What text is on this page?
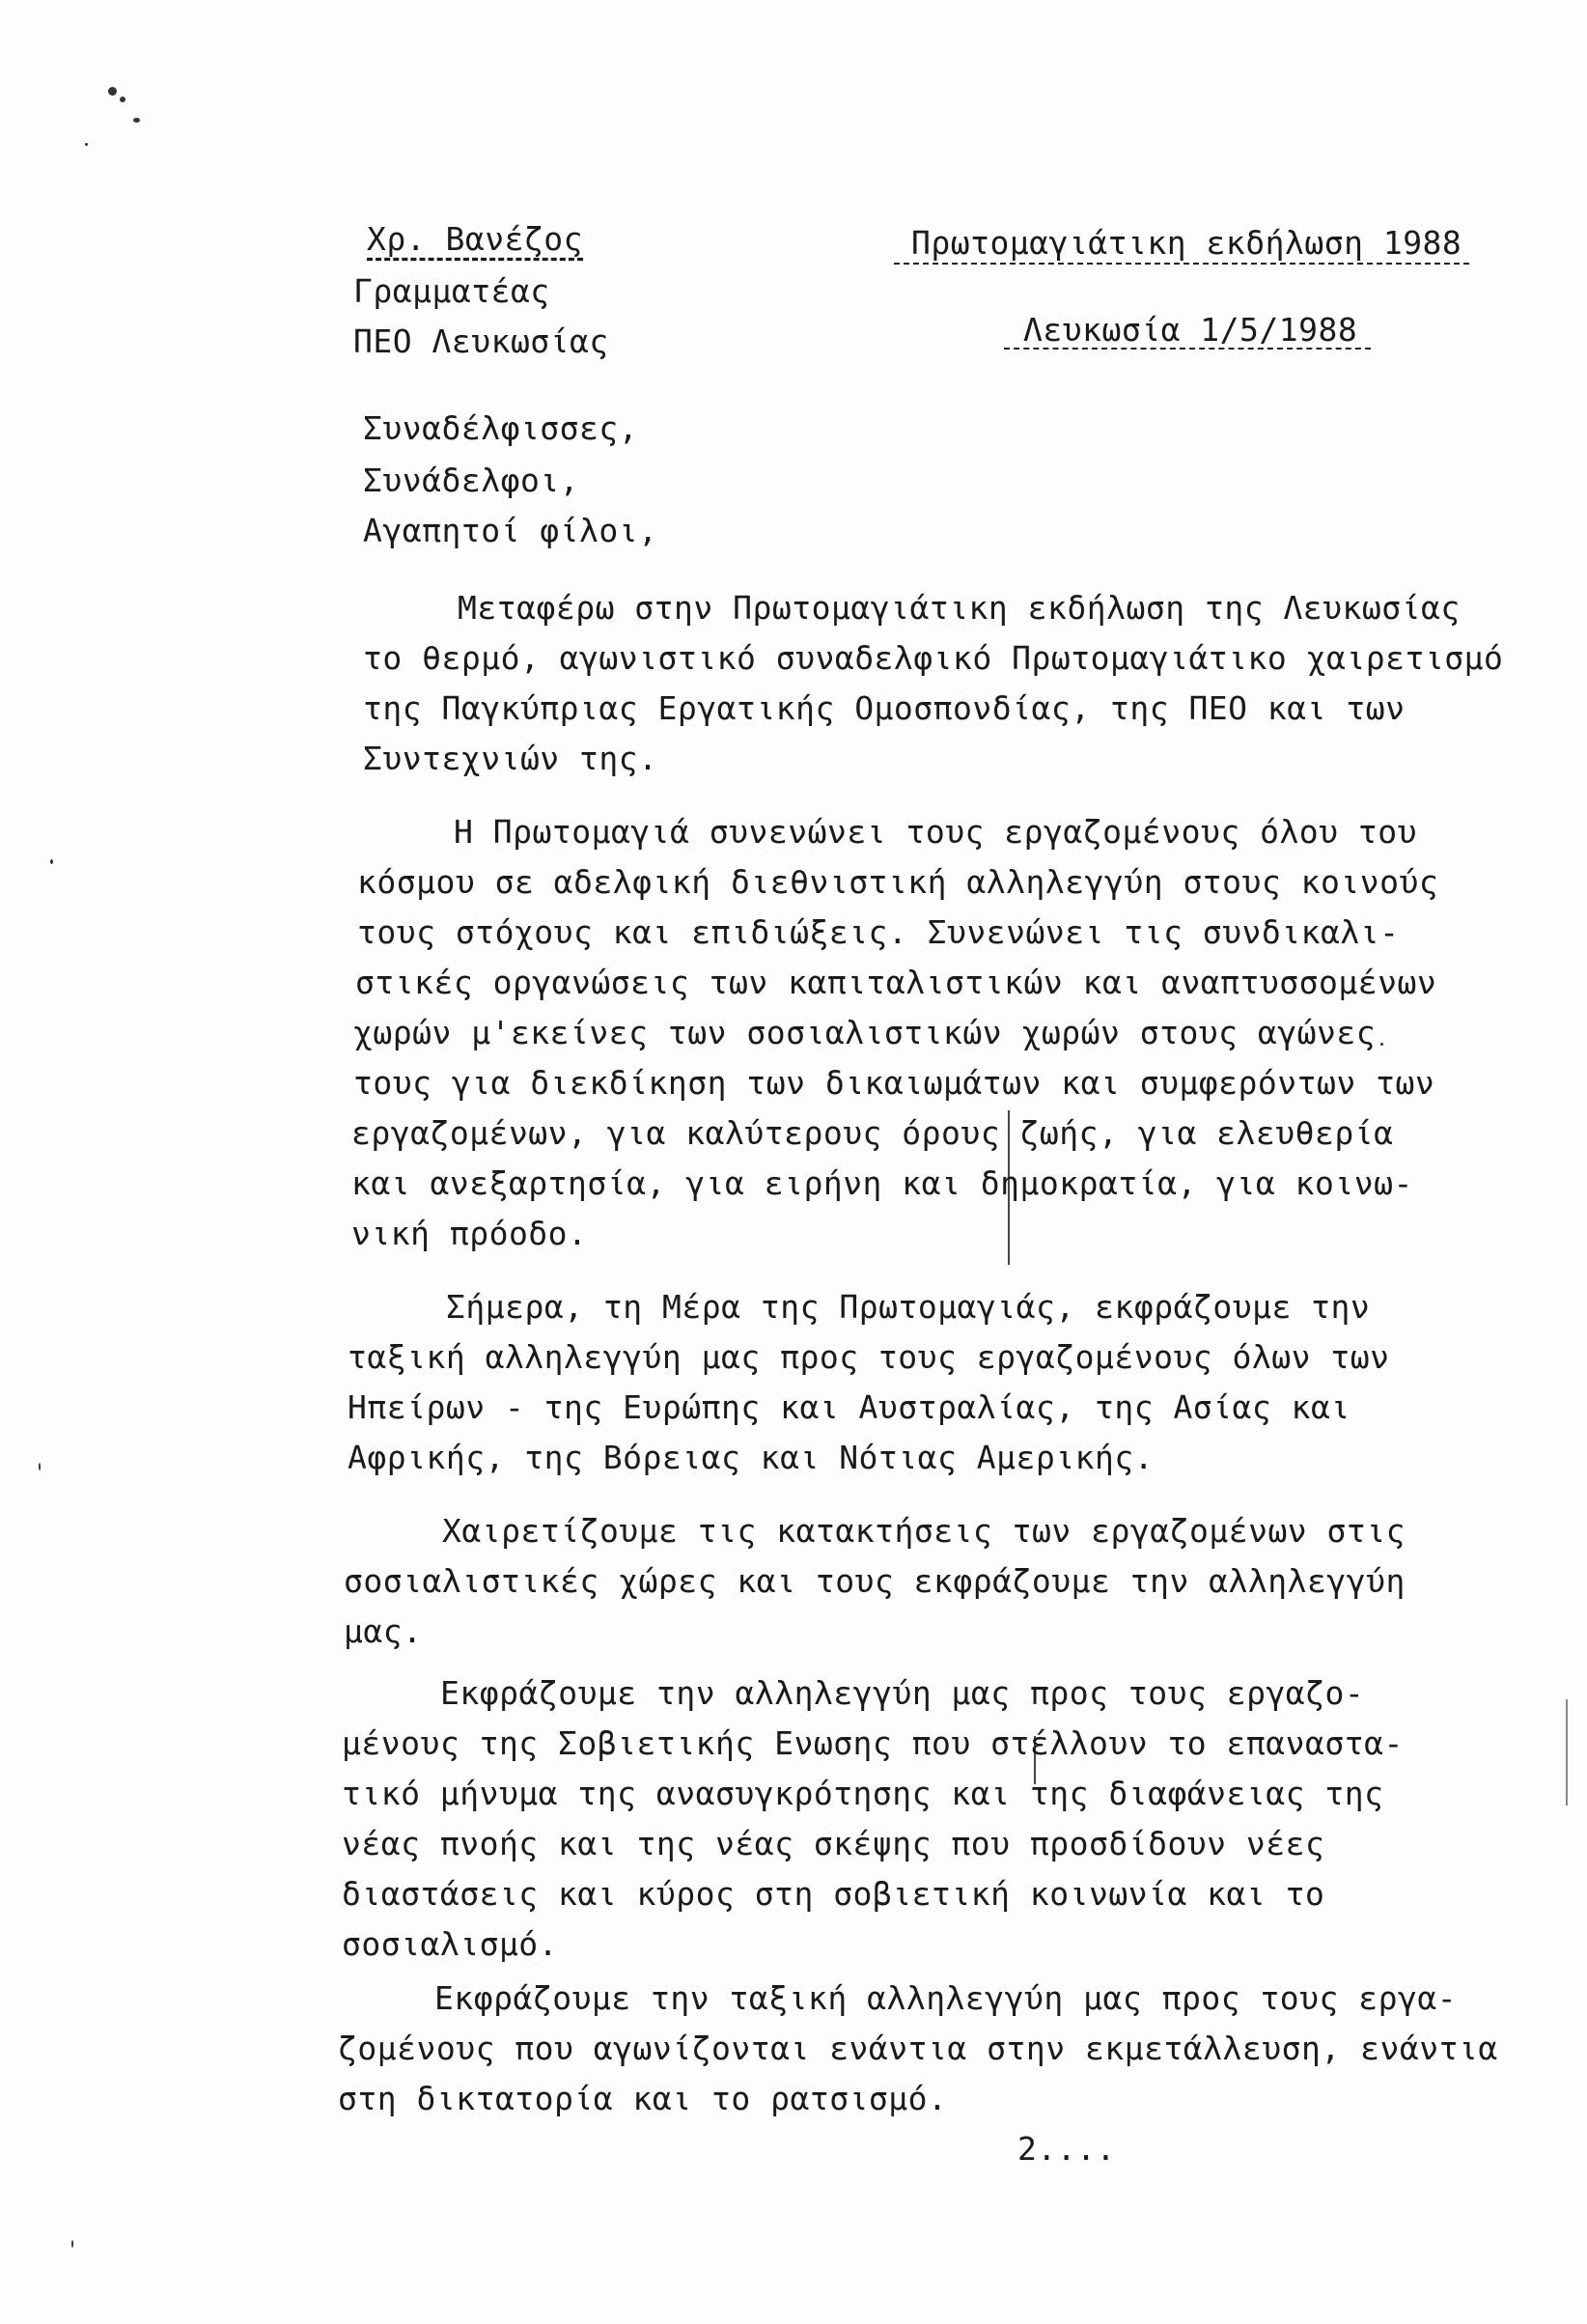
Χρ. Βανέζος
Γραμματέας
ΠΕΟ Λευκωσίας
Πρωτομαγιάτικη εκδήλωση 1988
Λευκωσία 1/5/1988
Συναδέλφισσες,
Συνάδελφοι,
Αγαπητοί φίλοι,
Μεταφέρω στην Πρωτομαγιάτικη εκδήλωση της Λευκωσίας
το θερμό, αγωνιστικό συναδελφικό Πρωτομαγιάτικο χαιρετισμό
της Παγκύπριας Εργατικής Ομοσπονδίας, της ΠΕΟ και των
Συντεχνιών της.
Η Πρωτομαγιά συνενώνει τους εργαζομένους όλου του
κόσμου σε αδελφική διεθνιστική αλληλεγγύη στους κοινούς
τους στόχους και επιδιώξεις. Συνενώνει τις συνδικαλι-
στικές οργανώσεις των καπιταλιστικών και αναπτυσσομένων
χωρών μ'εκείνες των σοσιαλιστικών χωρών στους αγώνες
τους για διεκδίκηση των δικαιωμάτων και συμφερόντων των
εργαζομένων, για καλύτερους όρους ζωής, για ελευθερία
και ανεξαρτησία, για ειρήνη και δημοκρατία, για κοινω-
νική πρόοδο.
Σήμερα, τη Μέρα της Πρωτομαγιάς, εκφράζουμε την
ταξική αλληλεγγύη μας προς τους εργαζομένους όλων των
Ηπείρων - της Ευρώπης και Αυστραλίας, της Ασίας και
Αφρικής, της Βόρειας και Νότιας Αμερικής.
Χαιρετίζουμε τις κατακτήσεις των εργαζομένων στις
σοσιαλιστικές χώρες και τους εκφράζουμε την αλληλεγγύη
μας.
Εκφράζουμε την αλληλεγγύη μας προς τους εργαζο-
μένους της Σοβιετικής Ενωσης που στέλλουν το επαναστα-
τικό μήνυμα της ανασυγκρότησης και της διαφάνειας της
νέας πνοής και της νέας σκέψης που προσδίδουν νέες
διαστάσεις και κύρος στη σοβιετική κοινωνία και το
σοσιαλισμό.
Εκφράζουμε την ταξική αλληλεγγύη μας προς τους εργα-
ζομένους που αγωνίζονται ενάντια στην εκμετάλλευση, ενάντια
στη δικτατορία και το ρατσισμό.
2....
